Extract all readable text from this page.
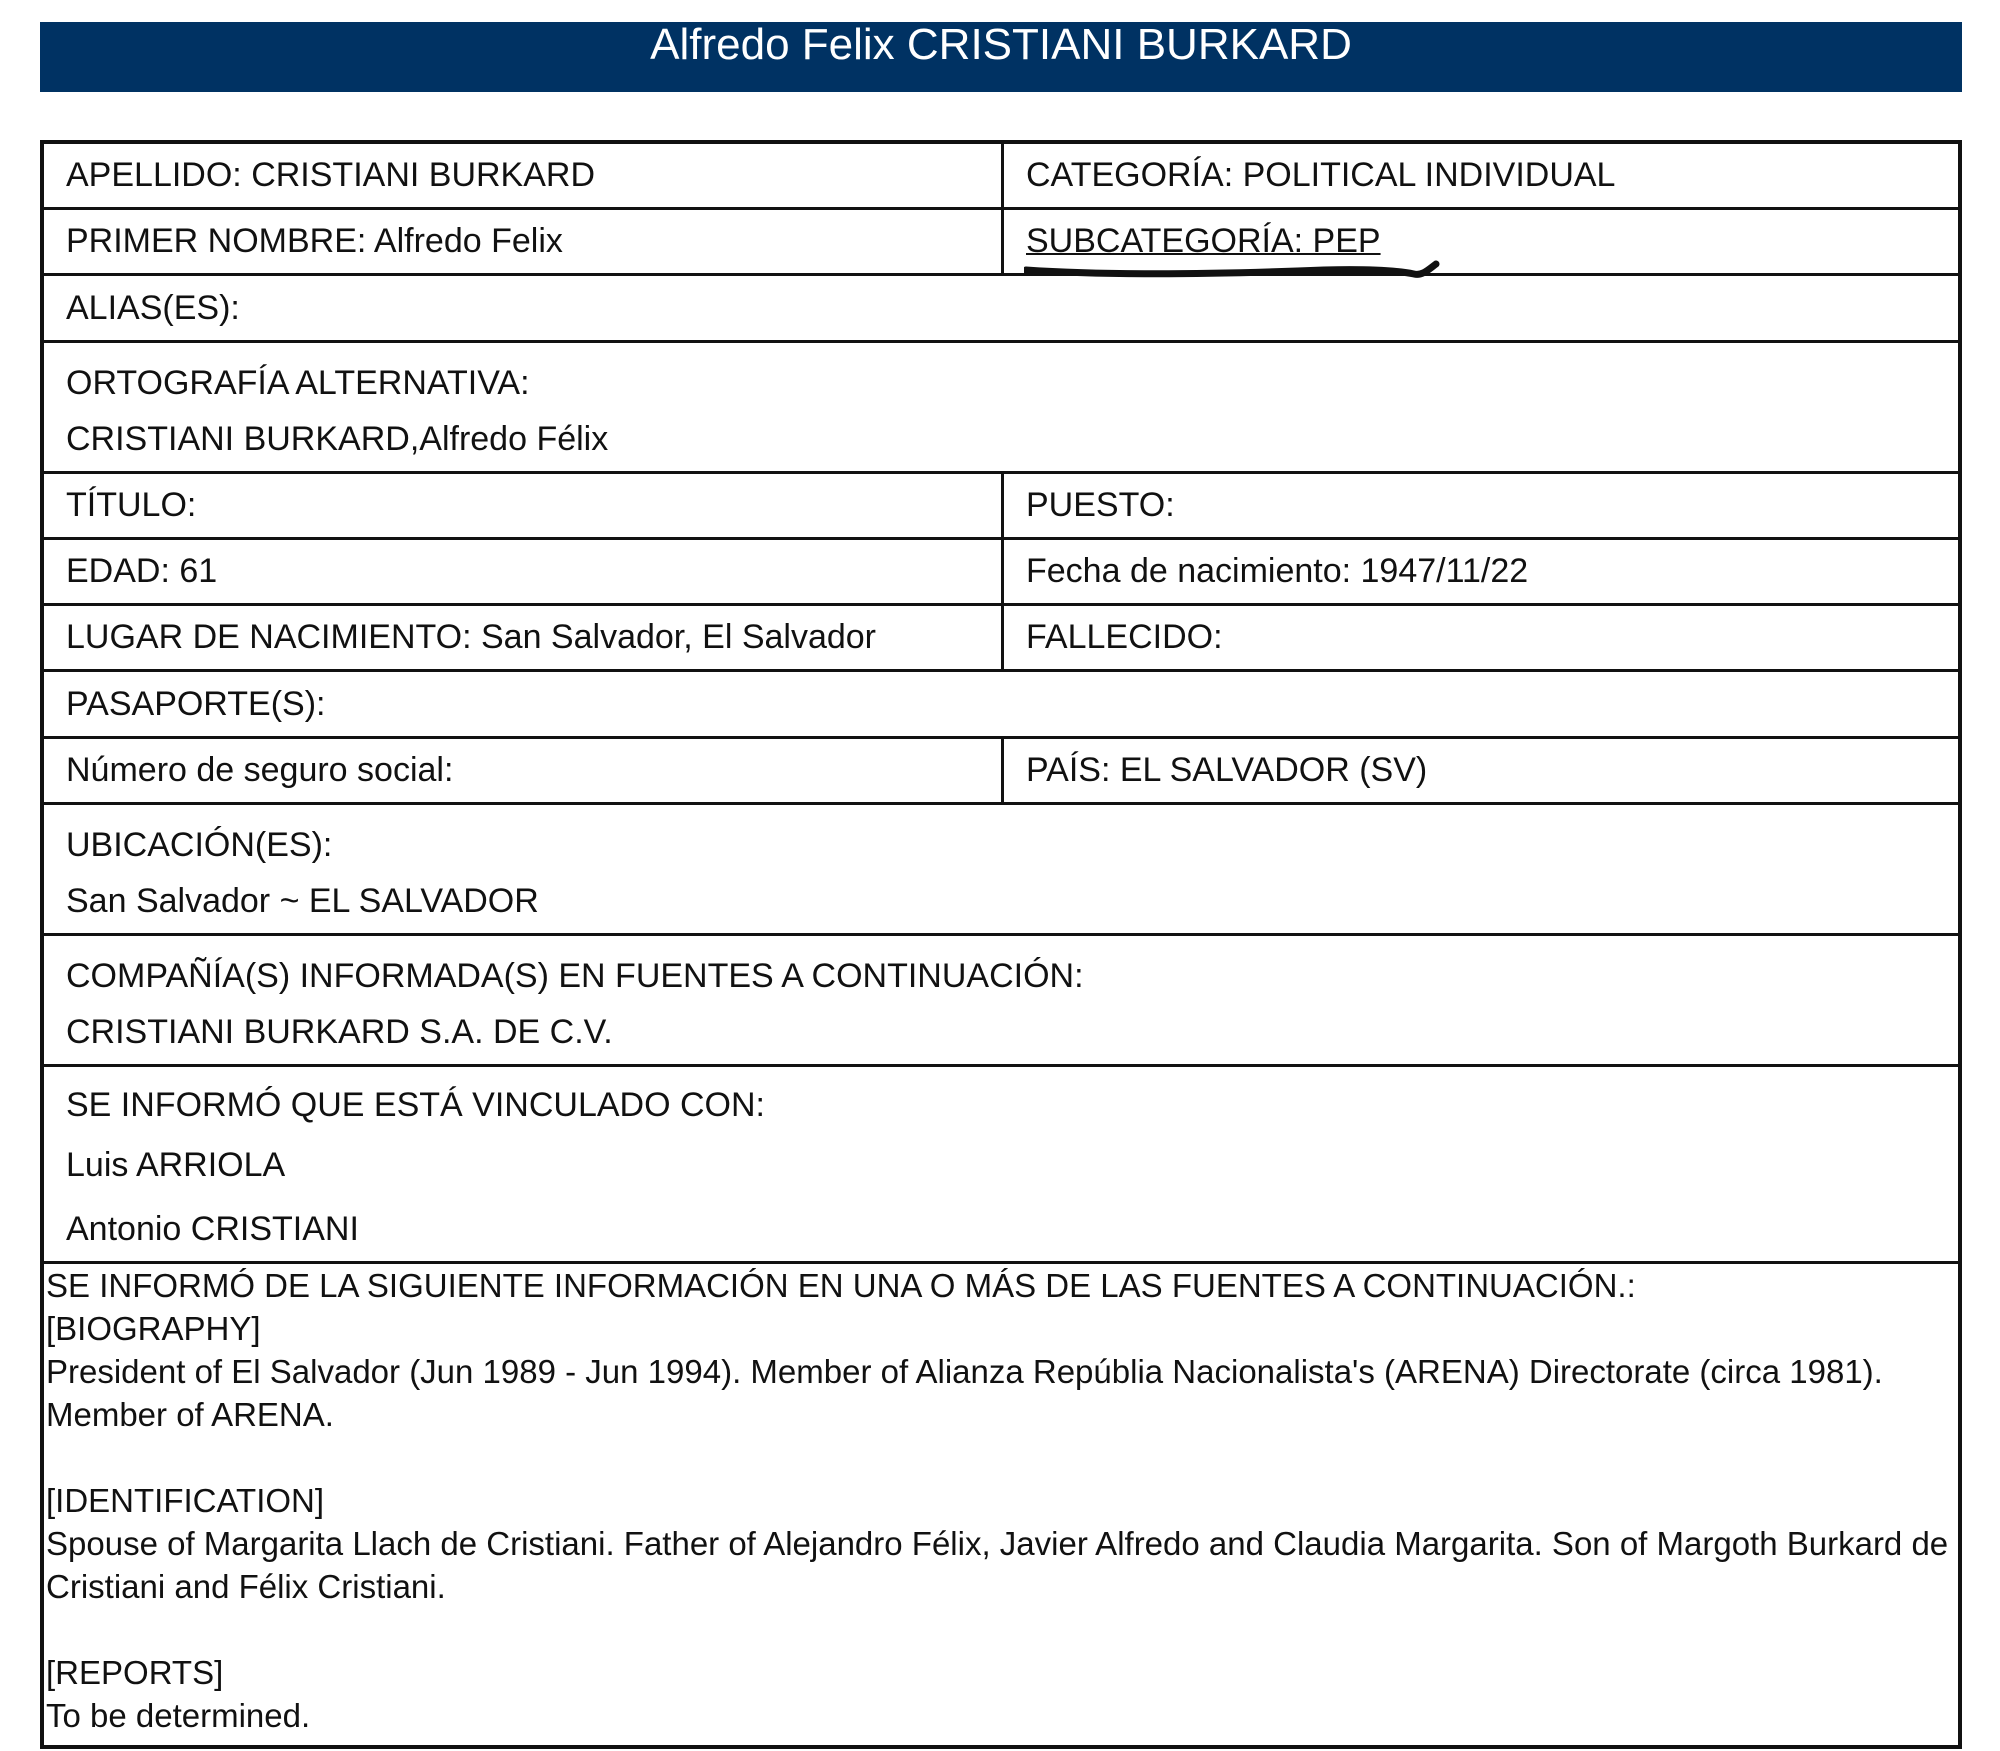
Alfredo Felix CRISTIANI BURKARD
APELLIDO: CRISTIANI BURKARD	CATEGORÍA: POLITICAL INDIVIDUAL
PRIMER NOMBRE: Alfredo Felix	SUBCATEGORÍA: PEP
ALIAS(ES):
ORTOGRAFÍA ALTERNATIVA:
CRISTIANI BURKARD,Alfredo Félix
TÍTULO:	PUESTO:
EDAD: 61	Fecha de nacimiento: 1947/11/22
LUGAR DE NACIMIENTO: San Salvador, El Salvador	FALLECIDO:
PASAPORTE(S):
Número de seguro social:	PAÍS: EL SALVADOR (SV)
UBICACIÓN(ES):
San Salvador ~ EL SALVADOR
COMPAÑÍA(S) INFORMADA(S) EN FUENTES A CONTINUACIÓN:
CRISTIANI BURKARD S.A. DE C.V.
SE INFORMÓ QUE ESTÁ VINCULADO CON:
Luis ARRIOLA
Antonio CRISTIANI

SE INFORMÓ DE LA SIGUIENTE INFORMACIÓN EN UNA O MÁS DE LAS FUENTES A CONTINUACIÓN.:

[BIOGRAPHY]

President of El Salvador (Jun 1989 - Jun 1994). Member of Alianza Repúblia Nacionalista's (ARENA) Directorate (circa 1981). Member of ARENA.

[IDENTIFICATION]

Spouse of Margarita Llach de Cristiani. Father of Alejandro Félix, Javier Alfredo and Claudia Margarita. Son of Margoth Burkard de Cristiani and Félix Cristiani.

[REPORTS]

To be determined.
